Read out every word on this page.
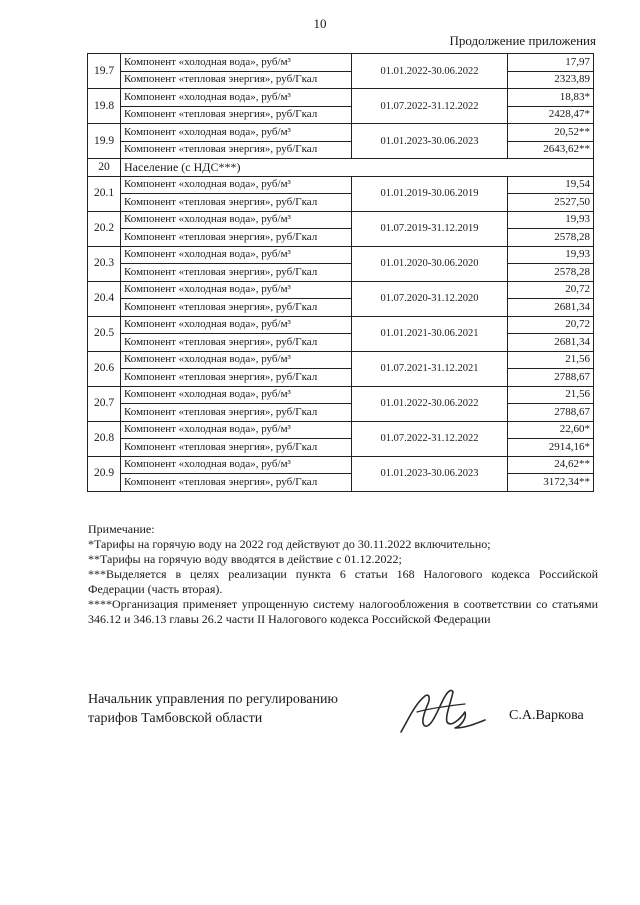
10
Продолжение приложения
19.7	Компонент «холодная вода», руб/м³	01.01.2022-30.06.2022	17,97
	Компонент «тепловая энергия», руб/Гкал		2323,89
19.8	Компонент «холодная вода», руб/м³	01.07.2022-31.12.2022	18,83*
	Компонент «тепловая энергия», руб/Гкал		2428,47*
19.9	Компонент «холодная вода», руб/м³	01.01.2023-30.06.2023	20,52**
	Компонент «тепловая энергия», руб/Гкал		2643,62**
20	Население (с НДС***)		
20.1	Компонент «холодная вода», руб/м³	01.01.2019-30.06.2019	19,54
	Компонент «тепловая энергия», руб/Гкал		2527,50
20.2	Компонент «холодная вода», руб/м³	01.07.2019-31.12.2019	19,93
	Компонент «тепловая энергия», руб/Гкал		2578,28
20.3	Компонент «холодная вода», руб/м³	01.01.2020-30.06.2020	19,93
	Компонент «тепловая энергия», руб/Гкал		2578,28
20.4	Компонент «холодная вода», руб/м³	01.07.2020-31.12.2020	20,72
	Компонент «тепловая энергия», руб/Гкал		2681,34
20.5	Компонент «холодная вода», руб/м³	01.01.2021-30.06.2021	20,72
	Компонент «тепловая энергия», руб/Гкал		2681,34
20.6	Компонент «холодная вода», руб/м³	01.07.2021-31.12.2021	21,56
	Компонент «тепловая энергия», руб/Гкал		2788,67
20.7	Компонент «холодная вода», руб/м³	01.01.2022-30.06.2022	21,56
	Компонент «тепловая энергия», руб/Гкал		2788,67
20.8	Компонент «холодная вода», руб/м³	01.07.2022-31.12.2022	22,60*
	Компонент «тепловая энергия», руб/Гкал		2914,16*
20.9	Компонент «холодная вода», руб/м³	01.01.2023-30.06.2023	24,62**
	Компонент «тепловая энергия», руб/Гкал		3172,34**

Примечание:

*Тарифы на горячую воду на 2022 год действуют до 30.11.2022 включительно;

**Тарифы на горячую воду вводятся в действие с 01.12.2022;

***Выделяется в целях реализации пункта 6 статьи 168 Налогового кодекса Российской Федерации (часть вторая).

****Организация применяет упрощенную систему налогообложения в соответствии со статьями 346.12 и 346.13 главы 26.2 части II Налогового кодекса Российской Федерации

Начальник управления по регулированию

тарифов Тамбовской области	С.А.Варкова
